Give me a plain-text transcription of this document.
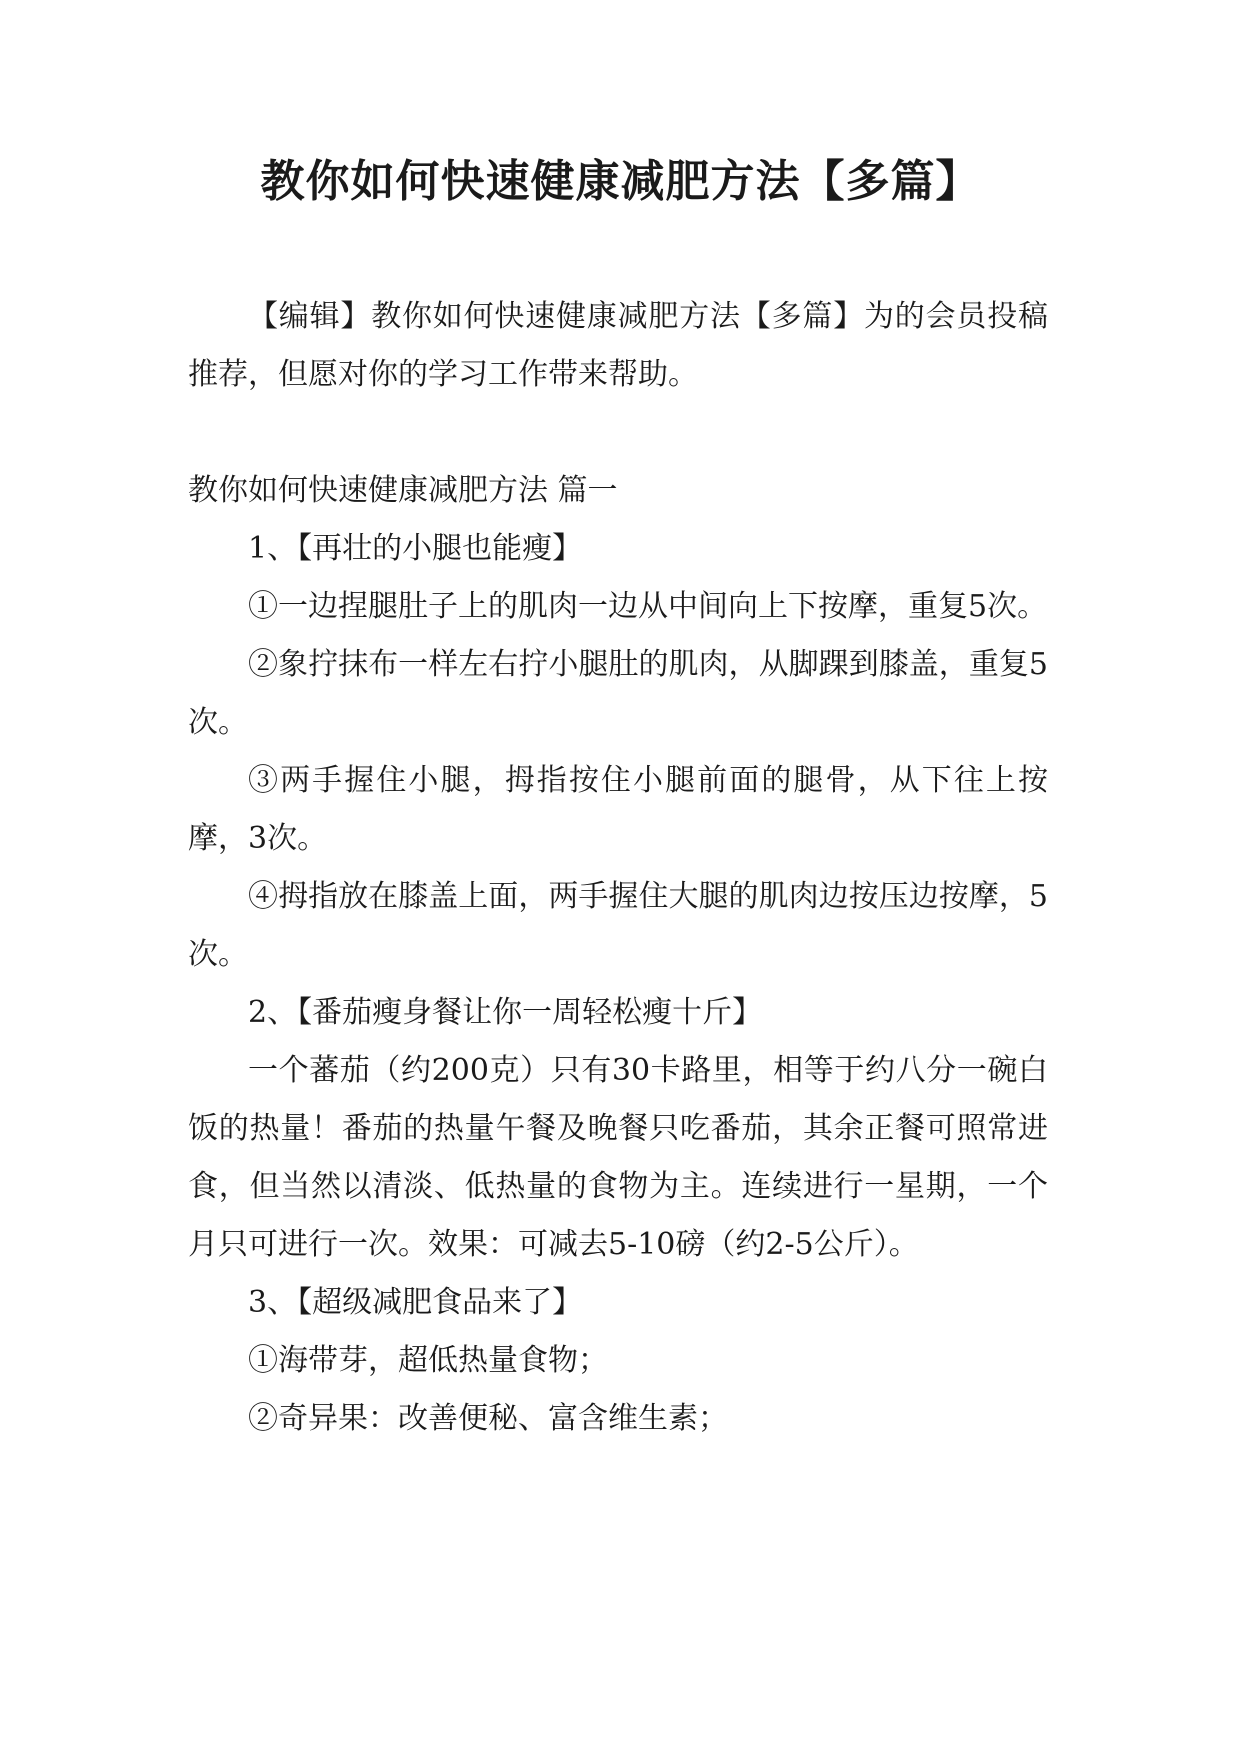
教你如何快速健康减肥方法【多篇】

【编辑】教你如何快速健康减肥方法【多篇】为的会员投稿推荐，但愿对你的学习工作带来帮助。

教你如何快速健康减肥方法 篇一

1、【再壮的小腿也能瘦】

①一边捏腿肚子上的肌肉一边从中间向上下按摩，重复5次。

②象拧抹布一样左右拧小腿肚的肌肉，从脚踝到膝盖，重复5次。

③两手握住小腿，拇指按住小腿前面的腿骨，从下往上按摩，3次。

④拇指放在膝盖上面，两手握住大腿的肌肉边按压边按摩，5次。

2、【番茄瘦身餐让你一周轻松瘦十斤】

一个蕃茄（约200克）只有30卡路里，相等于约八分一碗白饭的热量！番茄的热量午餐及晚餐只吃番茄，其余正餐可照常进食，但当然以清淡、低热量的食物为主。连续进行一星期，一个月只可进行一次。效果：可减去5-10磅（约2-5公斤）。

3、【超级减肥食品来了】

①海带芽，超低热量食物；

②奇异果：改善便秘、富含维生素；
